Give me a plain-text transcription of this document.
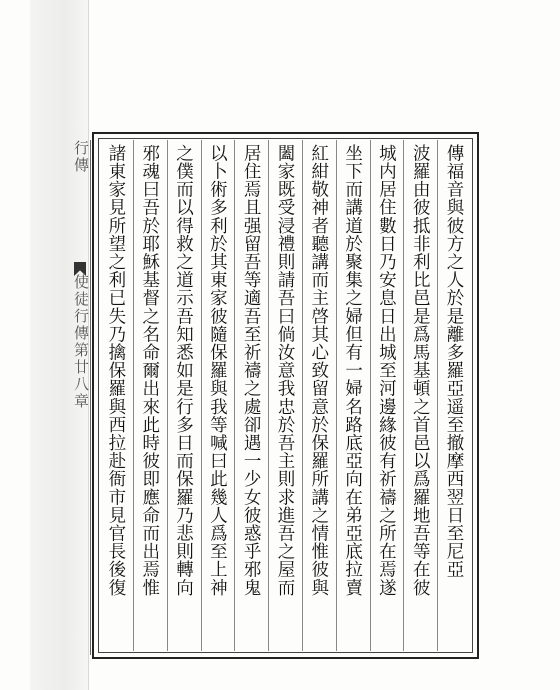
行傳  使徒行傳第廿八章	傳福音與彼方之人於是離多羅亞遥至撤摩西翌日至尼亞
波羅由彼抵非利比邑是爲馬基頓之首邑以爲羅地吾等在彼
城内居住數日乃安息日出城至河邊緣彼有祈禱之所在焉遂
坐下而講道於聚集之婦但有一婦名路底亞向在弟亞底拉賣
紅紺敬神者聽講而主啓其心致留意於保羅所講之情惟彼與
闔家既受浸禮則請吾曰倘汝意我忠於吾主則求進吾之屋而
居住焉且强留吾等適吾至祈禱之處卻遇一少女彼惑乎邪鬼
以卜術多利於其東家彼隨保羅與我等喊曰此幾人爲至上神
之僕而以得救之道示吾知悉如是行多日而保羅乃悲則轉向
邪魂曰吾於耶穌基督之名命爾出來此時彼即應命而出焉惟
諸東家見所望之利已失乃擒保羅與西拉赴衙市見官長後復
